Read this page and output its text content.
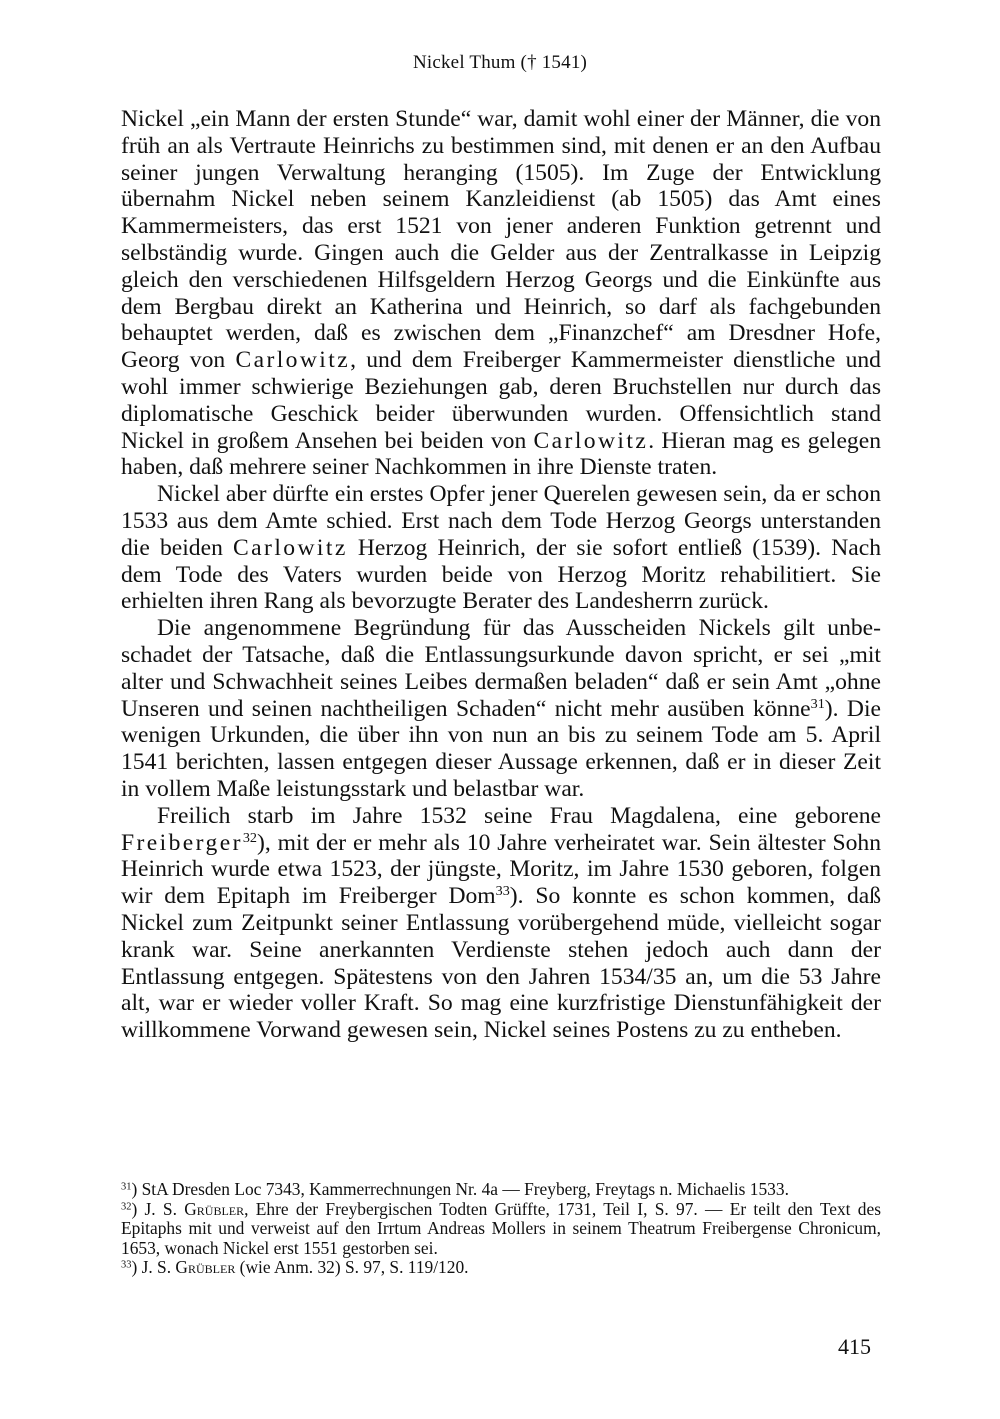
Nickel Thum († 1541)

Nickel „ein Mann der ersten Stunde“ war, damit wohl einer der Männer, die von früh an als Vertraute Heinrichs zu bestimmen sind, mit denen er an den Aufbau seiner jungen Verwaltung heranging (1505). Im Zuge der Entwicklung übernahm Nickel neben seinem Kanzleidienst (ab 1505) das Amt eines Kammermeisters, das erst 1521 von jener anderen Funktion getrennt und selbständig wurde. Gingen auch die Gelder aus der Zentralkasse in Leipzig gleich den verschiedenen Hilfsgeldern Herzog Georgs und die Einkünfte aus dem Bergbau direkt an Katherina und Heinrich, so darf als fachgebunden behauptet werden, daß es zwischen dem „Finanzchef“ am Dresdner Hofe, Georg von Carlowitz, und dem Freiberger Kammermeister dienstliche und wohl immer schwierige Beziehungen gab, deren Bruchstellen nur durch das diplomatische Geschick beider überwunden wurden. Offensichtlich stand Nickel in großem Ansehen bei beiden von Carlowitz. Hieran mag es gelegen haben, daß mehrere seiner Nachkommen in ihre Dienste traten.

Nickel aber dürfte ein erstes Opfer jener Querelen gewesen sein, da er schon 1533 aus dem Amte schied. Erst nach dem Tode Herzog Georgs unterstanden die beiden Carlowitz Herzog Heinrich, der sie sofort entließ (1539). Nach dem Tode des Vaters wurden beide von Herzog Moritz rehabilitiert. Sie erhielten ihren Rang als bevorzugte Berater des Landesherrn zurück.

Die angenommene Begründung für das Ausscheiden Nickels gilt unbeschadet der Tatsache, daß die Entlassungsurkunde davon spricht, er sei „mit alter und Schwachheit seines Leibes dermaßen beladen“ daß er sein Amt „ohne Unseren und seinen nachtheiligen Schaden“ nicht mehr ausüben könne$^{31}$). Die wenigen Urkunden, die über ihn von nun an bis zu seinem Tode am 5. April 1541 berichten, lassen entgegen dieser Aussage erkennen, daß er in dieser Zeit in vollem Maße leistungsstark und belastbar war.

Freilich starb im Jahre 1532 seine Frau Magdalena, eine geborene Freiberger$^{32}$), mit der er mehr als 10 Jahre verheiratet war. Sein ältester Sohn Heinrich wurde etwa 1523, der jüngste, Moritz, im Jahre 1530 geboren, folgen wir dem Epitaph im Freiberger Dom$^{33}$). So konnte es schon kommen, daß Nickel zum Zeitpunkt seiner Entlassung vorübergehend müde, vielleicht sogar krank war. Seine anerkannten Verdienste stehen jedoch auch dann der Entlassung entgegen. Spätestens von den Jahren 1534/35 an, um die 53 Jahre alt, war er wieder voller Kraft. So mag eine kurzfristige Dienstunfähigkeit der willkommene Vorwand gewesen sein, Nickel seines Postens zu zu entheben.

$^{31}$) StA Dresden Loc 7343, Kammerrechnungen Nr. 4a — Freyberg, Freytags n. Michaelis 1533.

$^{32}$) J. S. Grübler, Ehre der Freybergischen Todten Grüffte, 1731, Teil I, S. 97. — Er teilt den Text des Epitaphs mit und verweist auf den Irrtum Andreas Mollers in seinem Theatrum Freibergense Chronicum, 1653, wonach Nickel erst 1551 gestorben sei.

$^{33}$) J. S. Grübler (wie Anm. 32) S. 97, S. 119/120.

415
